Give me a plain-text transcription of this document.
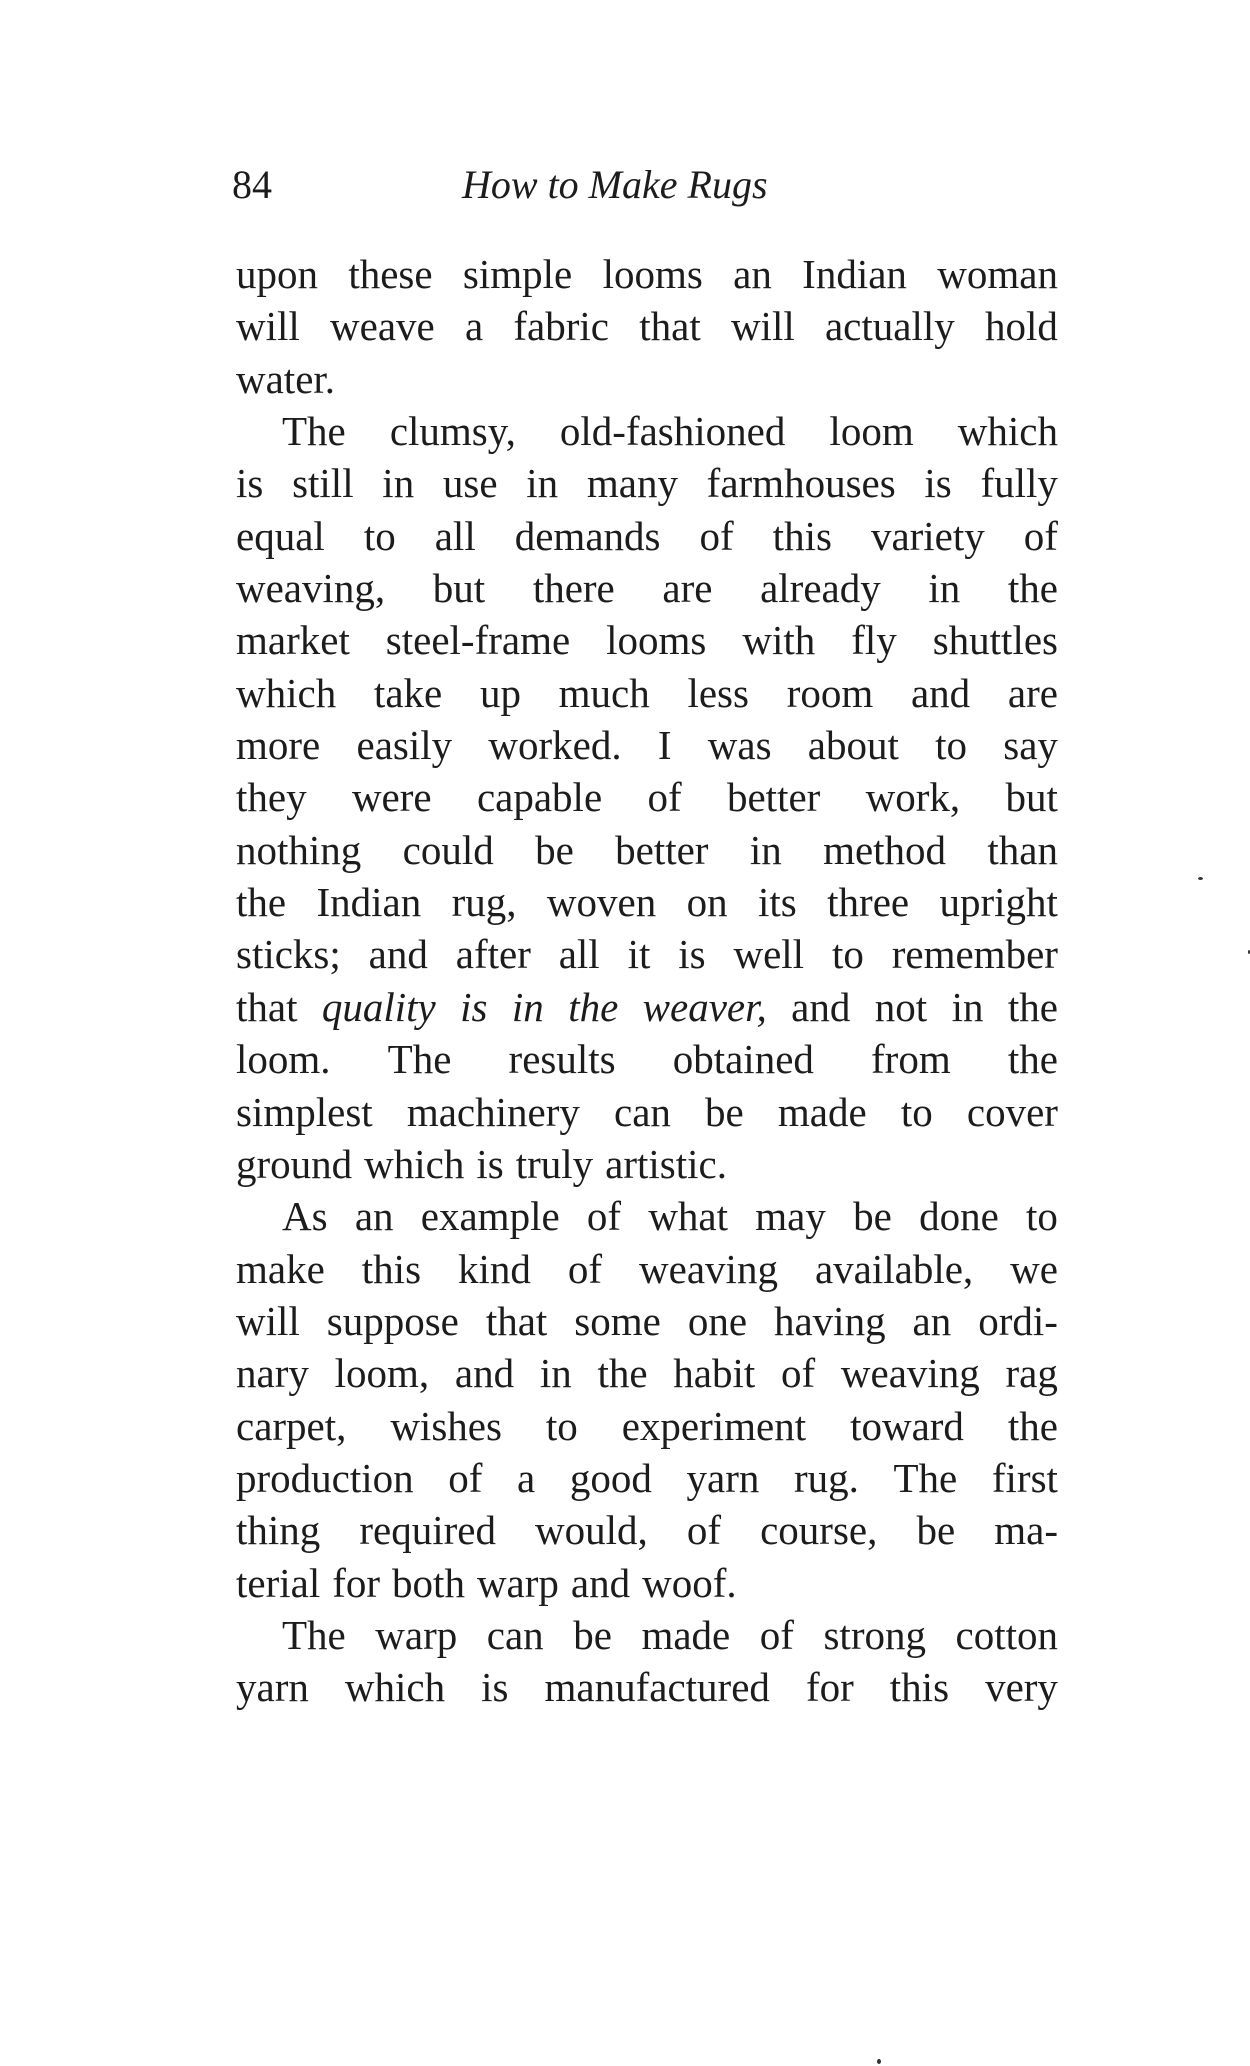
84	How to Make Rugs
upon these simple looms an Indian woman
will weave a fabric that will actually hold
water.
The clumsy, old-fashioned loom which
is still in use in many farmhouses is fully
equal to all demands of this variety of
weaving, but there are already in the
market steel-frame looms with fly shuttles
which take up much less room and are
more easily worked. I was about to say
they were capable of better work, but
nothing could be better in method than
the Indian rug, woven on its three upright
sticks; and after all it is well to remember
that quality is in the weaver, and not in the
loom. The results obtained from the
simplest machinery can be made to cover
ground which is truly artistic.
As an example of what may be done to
make this kind of weaving available, we
will suppose that some one having an ordi-
nary loom, and in the habit of weaving rag
carpet, wishes to experiment toward the
production of a good yarn rug. The first
thing required would, of course, be ma-
terial for both warp and woof.
The warp can be made of strong cotton
yarn which is manufactured for this very
